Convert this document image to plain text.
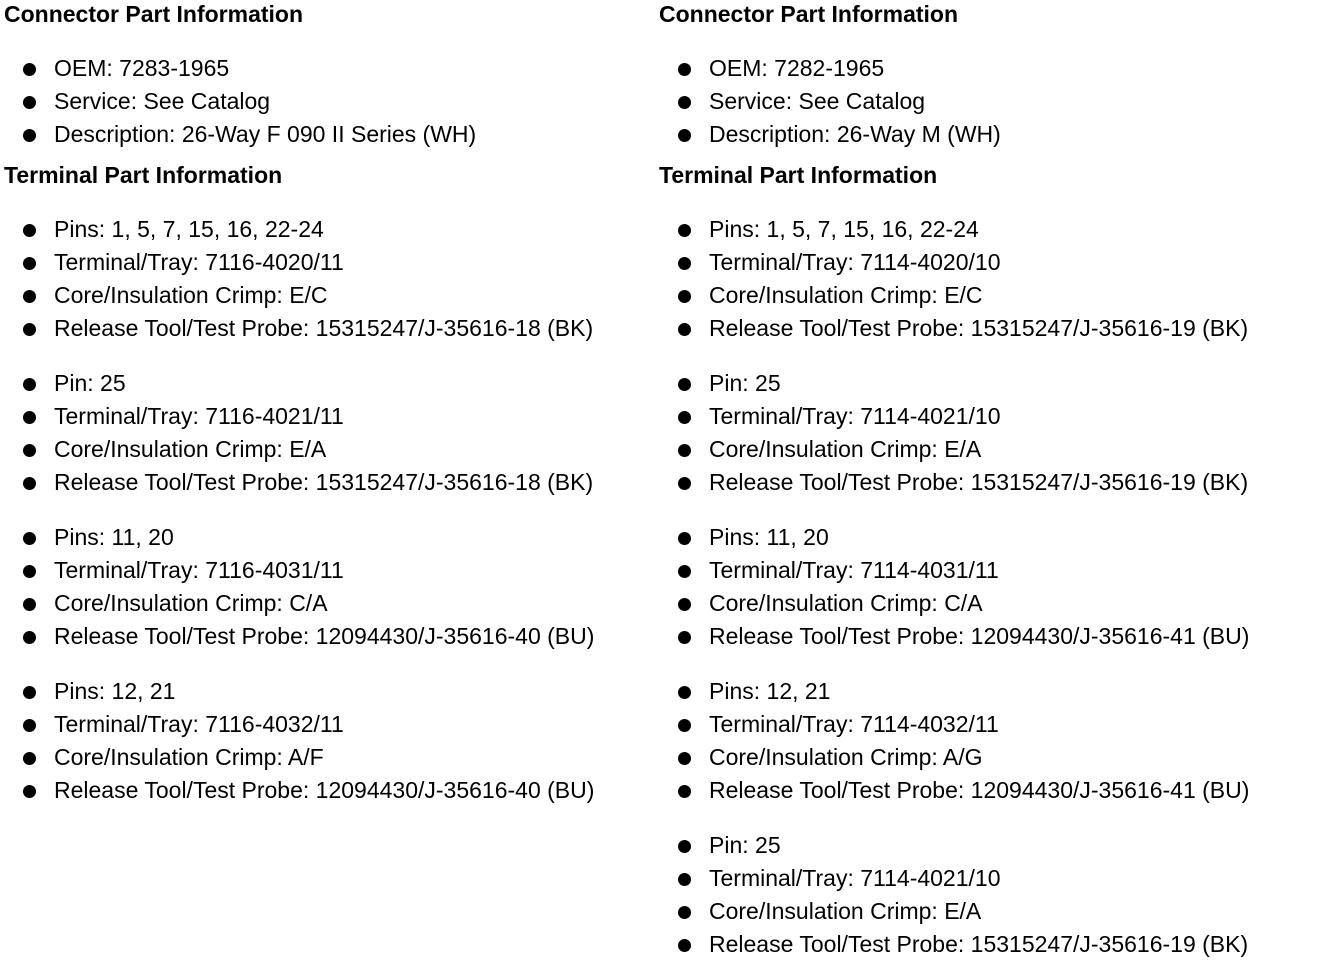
Connector Part Information
OEM: 7283-1965
Service: See Catalog
Description: 26-Way F 090 II Series (WH)
Terminal Part Information
Pins: 1, 5, 7, 15, 16, 22-24
Terminal/Tray: 7116-4020/11
Core/Insulation Crimp: E/C
Release Tool/Test Probe: 15315247/J-35616-18 (BK)
Pin: 25
Terminal/Tray: 7116-4021/11
Core/Insulation Crimp: E/A
Release Tool/Test Probe: 15315247/J-35616-18 (BK)
Pins: 11, 20
Terminal/Tray: 7116-4031/11
Core/Insulation Crimp: C/A
Release Tool/Test Probe: 12094430/J-35616-40 (BU)
Pins: 12, 21
Terminal/Tray: 7116-4032/11
Core/Insulation Crimp: A/F
Release Tool/Test Probe: 12094430/J-35616-40 (BU)
Connector Part Information
OEM: 7282-1965
Service: See Catalog
Description: 26-Way M (WH)
Terminal Part Information
Pins: 1, 5, 7, 15, 16, 22-24
Terminal/Tray: 7114-4020/10
Core/Insulation Crimp: E/C
Release Tool/Test Probe: 15315247/J-35616-19 (BK)
Pin: 25
Terminal/Tray: 7114-4021/10
Core/Insulation Crimp: E/A
Release Tool/Test Probe: 15315247/J-35616-19 (BK)
Pins: 11, 20
Terminal/Tray: 7114-4031/11
Core/Insulation Crimp: C/A
Release Tool/Test Probe: 12094430/J-35616-41 (BU)
Pins: 12, 21
Terminal/Tray: 7114-4032/11
Core/Insulation Crimp: A/G
Release Tool/Test Probe: 12094430/J-35616-41 (BU)
Pin: 25
Terminal/Tray: 7114-4021/10
Core/Insulation Crimp: E/A
Release Tool/Test Probe: 15315247/J-35616-19 (BK)
